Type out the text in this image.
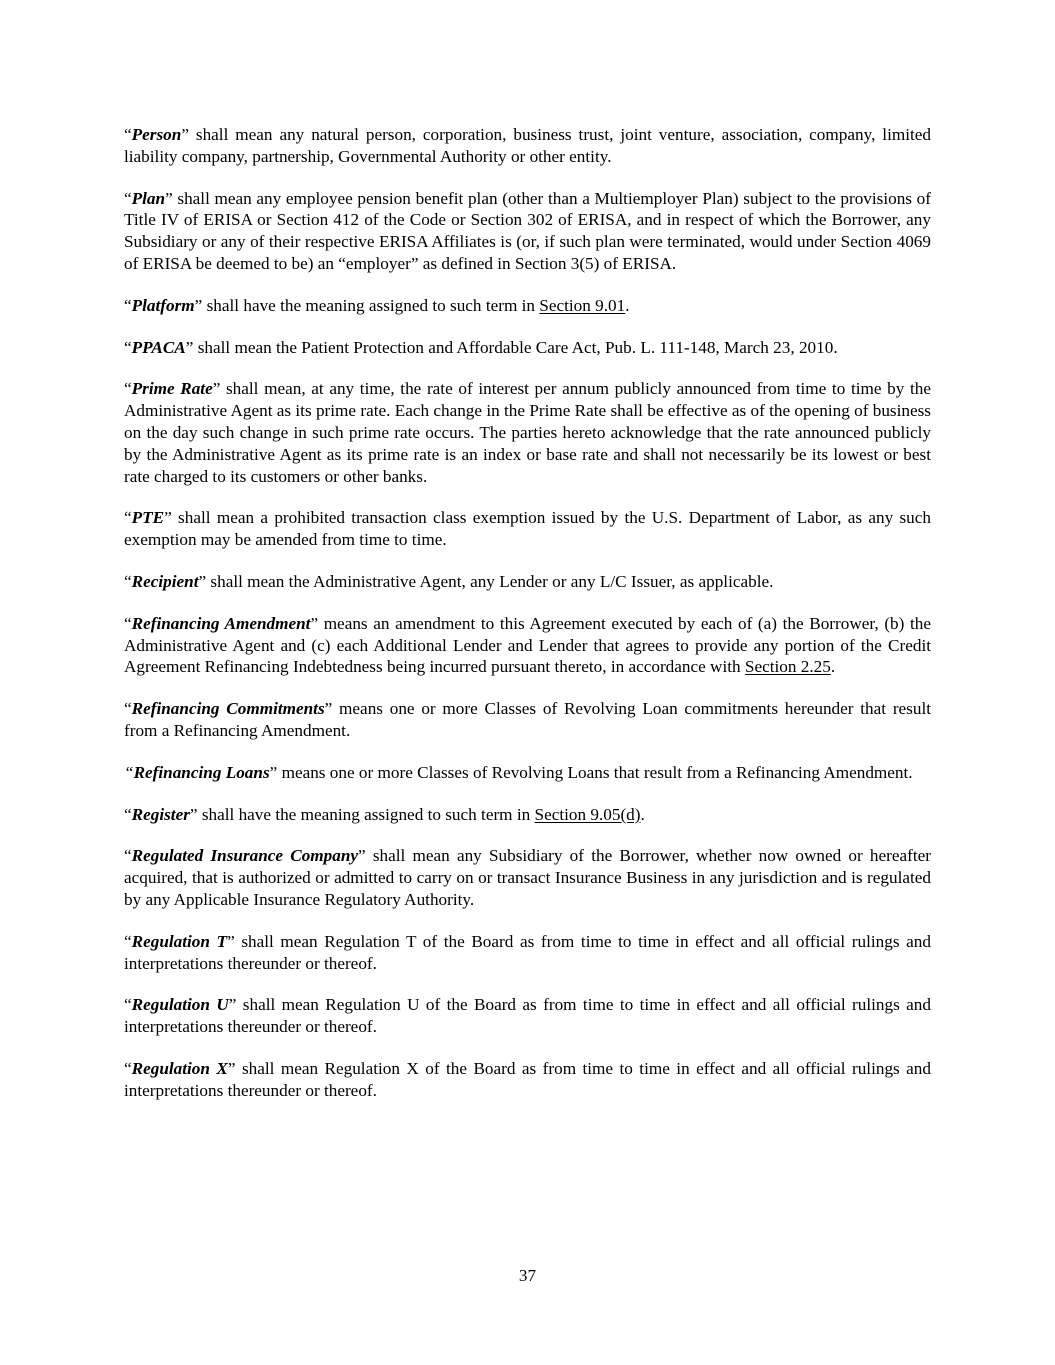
“Person” shall mean any natural person, corporation, business trust, joint venture, association, company, limited liability company, partnership, Governmental Authority or other entity.

“Plan” shall mean any employee pension benefit plan (other than a Multiemployer Plan) subject to the provisions of Title IV of ERISA or Section 412 of the Code or Section 302 of ERISA, and in respect of which the Borrower, any Subsidiary or any of their respective ERISA Affiliates is (or, if such plan were terminated, would under Section 4069 of ERISA be deemed to be) an “employer” as defined in Section 3(5) of ERISA.

“Platform” shall have the meaning assigned to such term in Section 9.01.

“PPACA” shall mean the Patient Protection and Affordable Care Act, Pub. L. 111-148, March 23, 2010.

“Prime Rate” shall mean, at any time, the rate of interest per annum publicly announced from time to time by the Administrative Agent as its prime rate. Each change in the Prime Rate shall be effective as of the opening of business on the day such change in such prime rate occurs. The parties hereto acknowledge that the rate announced publicly by the Administrative Agent as its prime rate is an index or base rate and shall not necessarily be its lowest or best rate charged to its customers or other banks.

“PTE” shall mean a prohibited transaction class exemption issued by the U.S. Department of Labor, as any such exemption may be amended from time to time.

“Recipient” shall mean the Administrative Agent, any Lender or any L/C Issuer, as applicable.

“Refinancing Amendment” means an amendment to this Agreement executed by each of (a) the Borrower, (b) the Administrative Agent and (c) each Additional Lender and Lender that agrees to provide any portion of the Credit Agreement Refinancing Indebtedness being incurred pursuant thereto, in accordance with Section 2.25.

“Refinancing Commitments” means one or more Classes of Revolving Loan commitments hereunder that result from a Refinancing Amendment.

“Refinancing Loans” means one or more Classes of Revolving Loans that result from a Refinancing Amendment.

“Register” shall have the meaning assigned to such term in Section 9.05(d).

“Regulated Insurance Company” shall mean any Subsidiary of the Borrower, whether now owned or hereafter acquired, that is authorized or admitted to carry on or transact Insurance Business in any jurisdiction and is regulated by any Applicable Insurance Regulatory Authority.

“Regulation T” shall mean Regulation T of the Board as from time to time in effect and all official rulings and interpretations thereunder or thereof.

“Regulation U” shall mean Regulation U of the Board as from time to time in effect and all official rulings and interpretations thereunder or thereof.

“Regulation X” shall mean Regulation X of the Board as from time to time in effect and all official rulings and interpretations thereunder or thereof.

37
